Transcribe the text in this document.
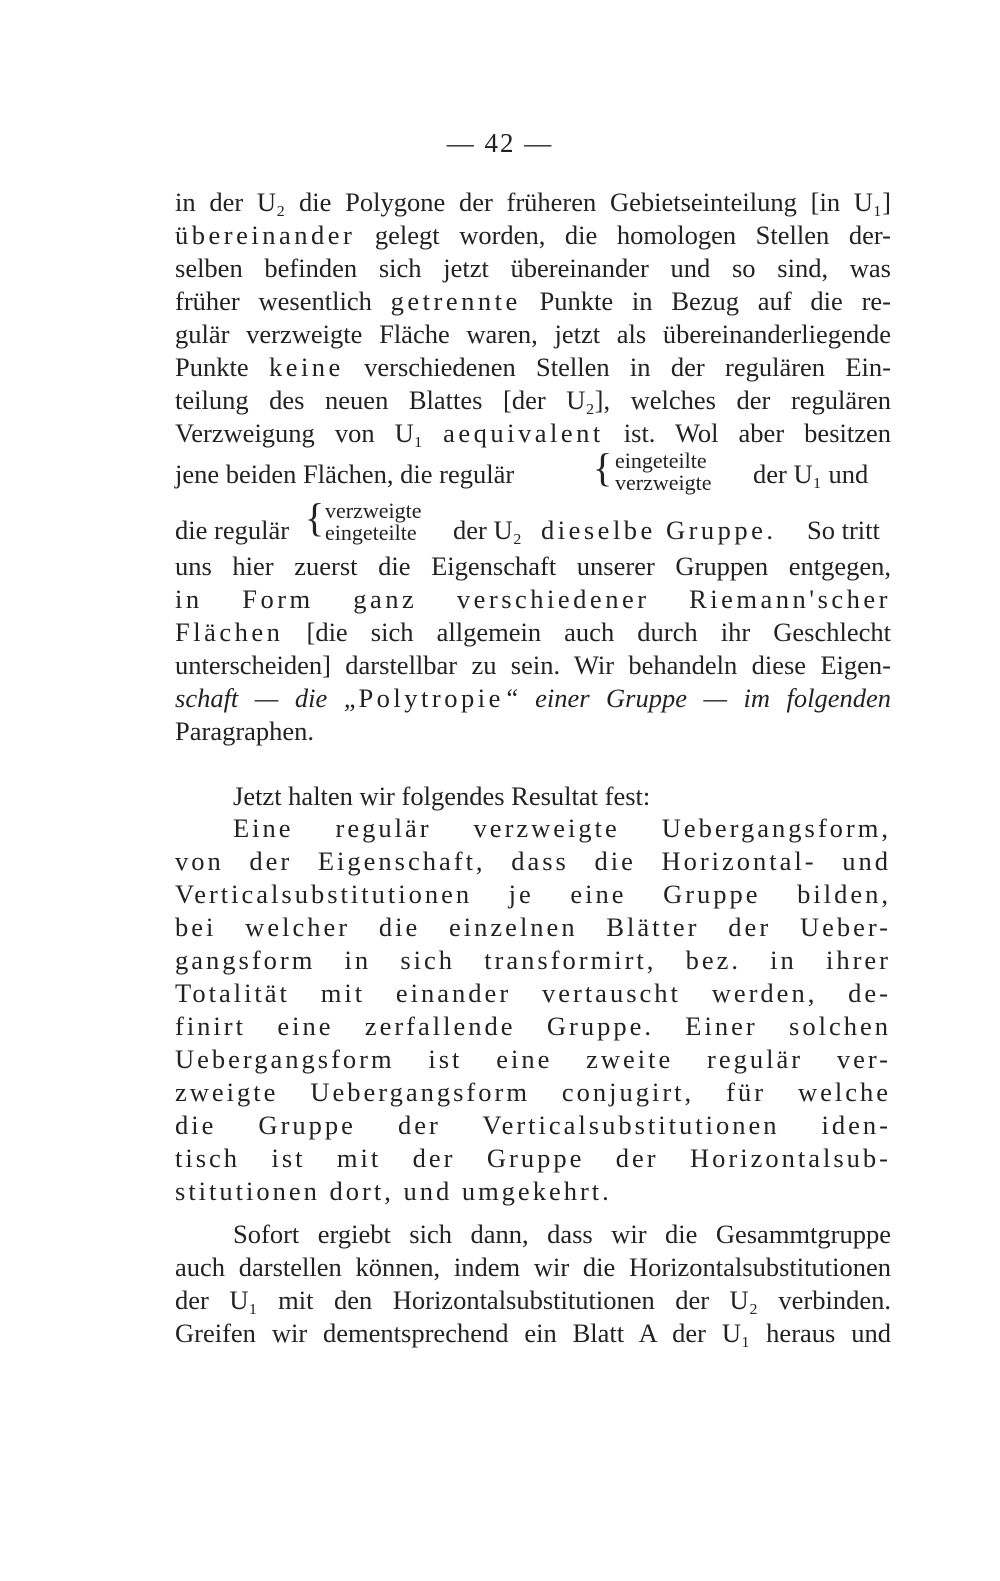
— 42 —
in der U₂ die Polygone der früheren Gebietseinteilung [in U₁]
übereinander gelegt worden, die homologen Stellen der-
selben befinden sich jetzt übereinander und so sind, was
früher wesentlich getrennte Punkte in Bezug auf die re-
gulär verzweigte Fläche waren, jetzt als übereinanderliegende
Punkte keine verschiedenen Stellen in der regulären Ein-
teilung des neuen Blattes [der U₂], welches der regulären
Verzweigung von U₁ aequivalent ist. Wol aber besitzen
jene beiden Flächen, die regulär { eingeteilte
verzweigte der U₁ und
die regulär { verzweigte
eingeteilte der U₂ dieselbe Gruppe. So tritt
uns hier zuerst die Eigenschaft unserer Gruppen entgegen,
in Form ganz verschiedener Riemann'scher
Flächen [die sich allgemein auch durch ihr Geschlecht
unterscheiden] darstellbar zu sein. Wir behandeln diese Eigen-
schaft — die „Polytropie“ einer Gruppe — im folgenden
Paragraphen.
Jetzt halten wir folgendes Resultat fest:
Eine regulär verzweigte Uebergangsform,
von der Eigenschaft, dass die Horizontal- und
Verticalsubstitutionen je eine Gruppe bilden,
bei welcher die einzelnen Blätter der Ueber-
gangsform in sich transformirt, bez. in ihrer
Totalität mit einander vertauscht werden, de-
finirt eine zerfallende Gruppe. Einer solchen
Uebergangsform ist eine zweite regulär ver-
zweigte Uebergangsform conjugirt, für welche
die Gruppe der Verticalsubstitutionen iden-
tisch ist mit der Gruppe der Horizontalsub-
stitutionen dort, und umgekehrt.
Sofort ergiebt sich dann, dass wir die Gesammtgruppe
auch darstellen können, indem wir die Horizontalsubstitutionen
der U₁ mit den Horizontalsubstitutionen der U₂ verbinden.
Greifen wir dementsprechend ein Blatt A der U₁ heraus und
